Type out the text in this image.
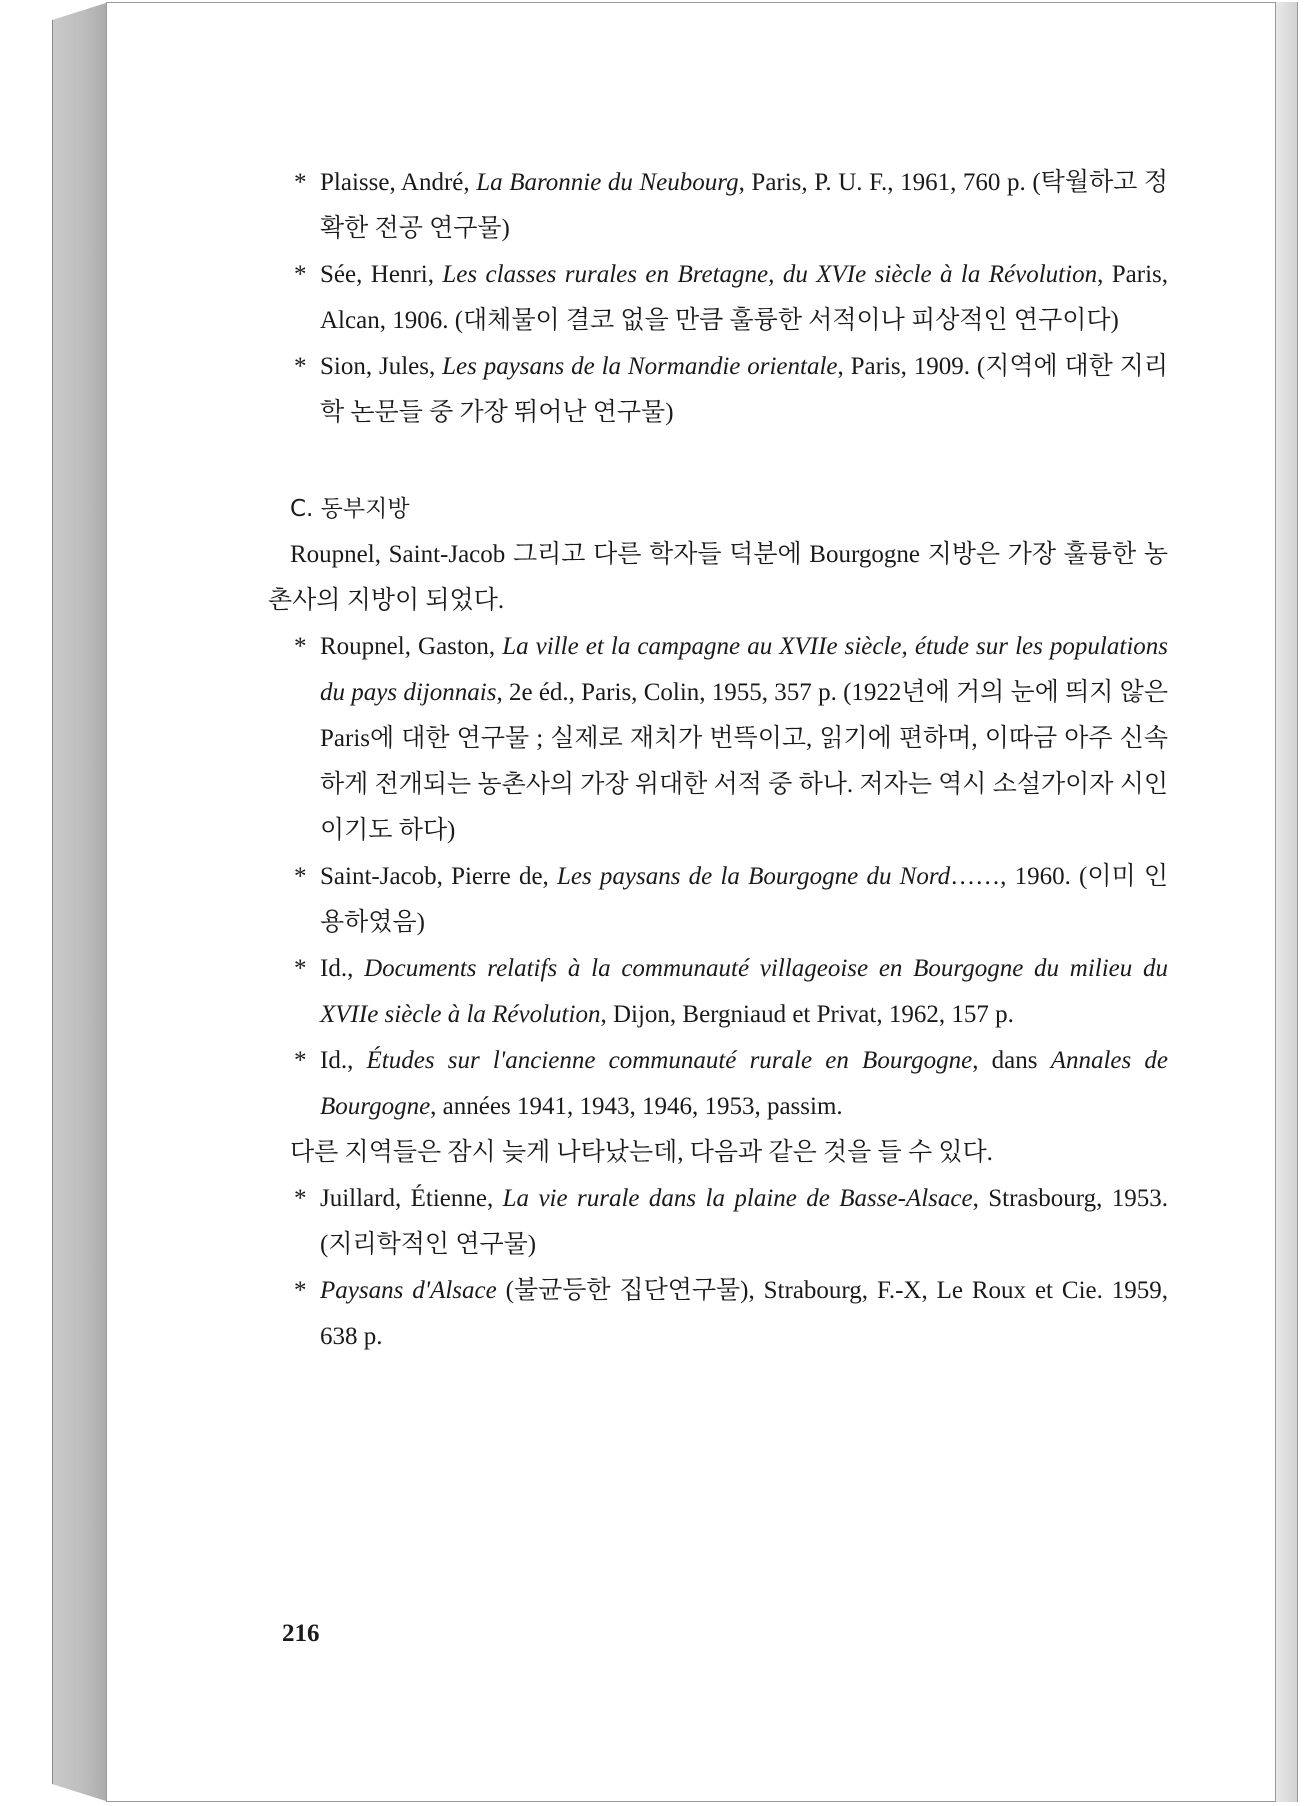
* Plaisse, André, La Baronnie du Neubourg, Paris, P. U. F., 1961, 760 p. (탁월하고 정확한 전공 연구물)

* Sée, Henri, Les classes rurales en Bretagne, du XVIe siècle à la Révolution, Paris, Alcan, 1906. (대체물이 결코 없을 만큼 훌륭한 서적이나 피상적인 연구이다)

* Sion, Jules, Les paysans de la Normandie orientale, Paris, 1909. (지역에 대한 지리학 논문들 중 가장 뛰어난 연구물)

C. 동부지방

Roupnel, Saint-Jacob 그리고 다른 학자들 덕분에 Bourgogne 지방은 가장 훌륭한 농촌사의 지방이 되었다.

* Roupnel, Gaston, La ville et la campagne au XVIIe siècle, étude sur les populations du pays dijonnais, 2e éd., Paris, Colin, 1955, 357 p. (1922년에 거의 눈에 띄지 않은 Paris에 대한 연구물 ; 실제로 재치가 번뜩이고, 읽기에 편하며, 이따금 아주 신속하게 전개되는 농촌사의 가장 위대한 서적 중 하나. 저자는 역시 소설가이자 시인이기도 하다)

* Saint-Jacob, Pierre de, Les paysans de la Bourgogne du Nord……, 1960. (이미 인용하였음)

* Id., Documents relatifs à la communauté villageoise en Bourgogne du milieu du XVIIe siècle à la Révolution, Dijon, Bergniaud et Privat, 1962, 157 p.

* Id., Études sur l'ancienne communauté rurale en Bourgogne, dans Annales de Bourgogne, années 1941, 1943, 1946, 1953, passim.

다른 지역들은 잠시 늦게 나타났는데, 다음과 같은 것을 들 수 있다.

* Juillard, Étienne, La vie rurale dans la plaine de Basse-Alsace, Strasbourg, 1953. (지리학적인 연구물)

* Paysans d'Alsace (불균등한 집단연구물), Strabourg, F.-X, Le Roux et Cie. 1959, 638 p.

216
